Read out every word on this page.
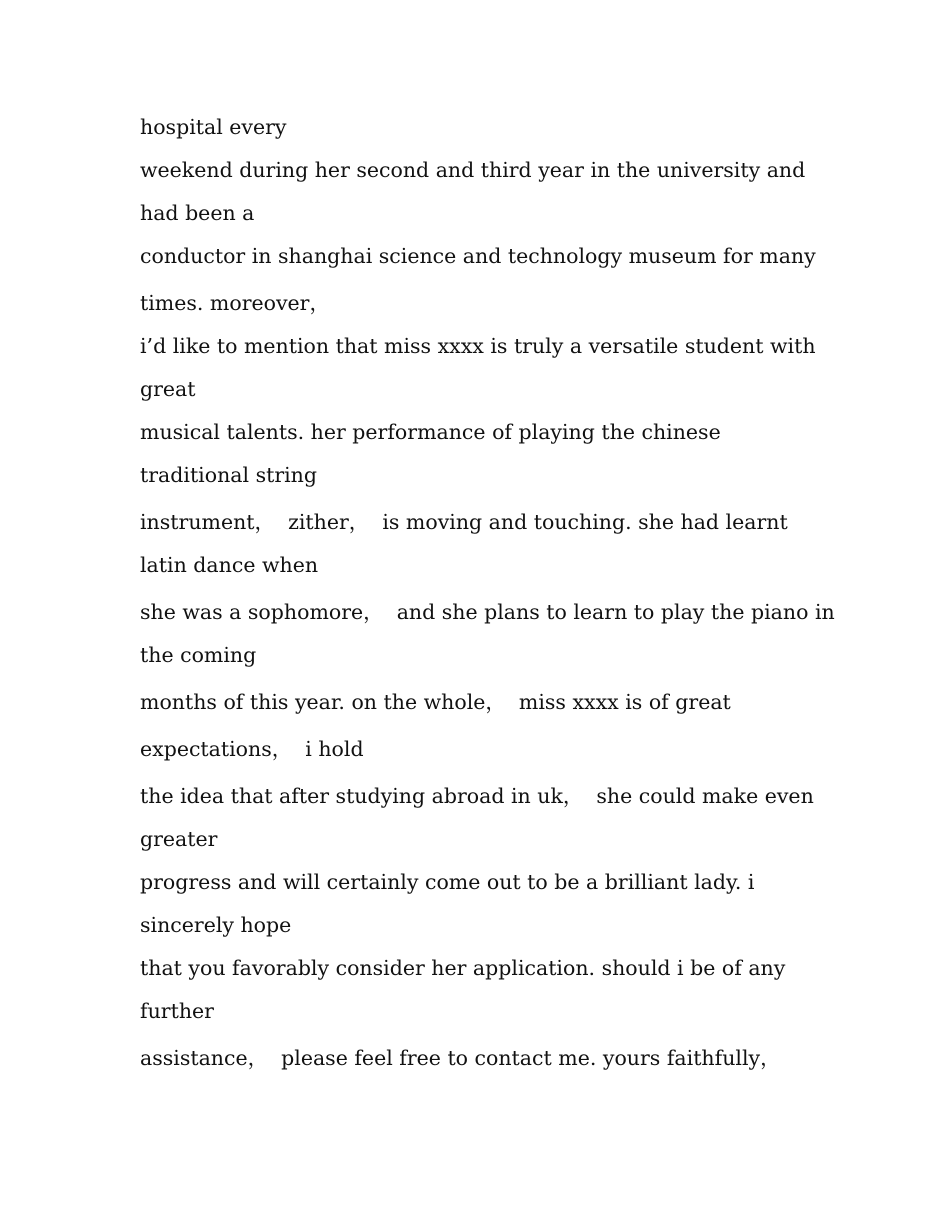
hospital every
weekend during her second and third year in the university and
had been a
conductor in shanghai science and technology museum for many
times. moreover，
i’d like to mention that miss xxxx is truly a versatile student with
great
musical talents. her performance of playing the chinese
traditional string
instrument，  zither，  is moving and touching. she had learnt
latin dance when
she was a sophomore，  and she plans to learn to play the piano in
the coming
months of this year. on the whole，  miss xxxx is of great
expectations，  i hold
the idea that after studying abroad in uk，  she could make even
greater
progress and will certainly come out to be a brilliant lady. i
sincerely hope
that you favorably consider her application. should i be of any
further
assistance，  please feel free to contact me. yours faithfully，
